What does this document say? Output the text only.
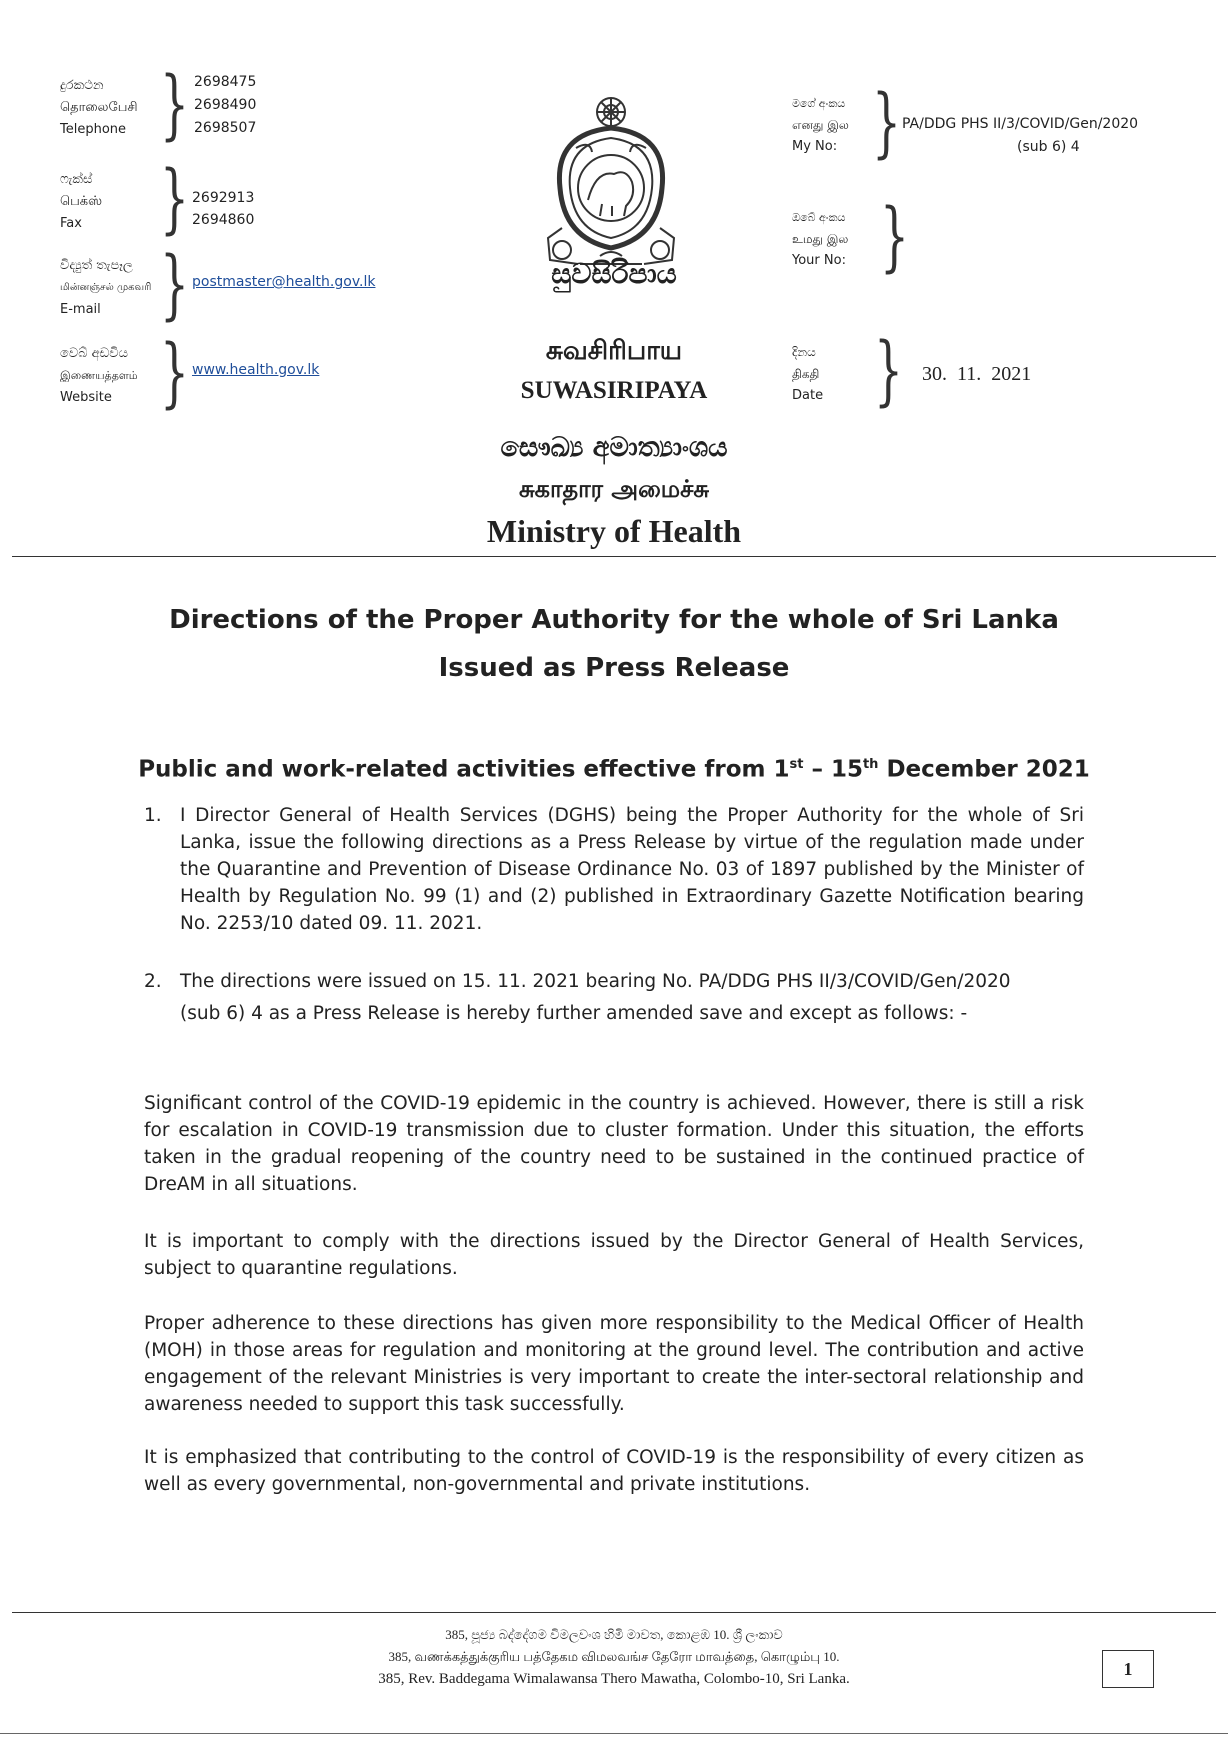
දුරකථන
தொலைபேசி
Telephone } 2698475
2698490
2698507
ෆැක්ස්
பெக்ஸ்
Fax } 2692913
2694860
විද්‍යුත් තැපෑල
மின்னஞ்சல் முகவரி
E-mail } postmaster@health.gov.lk
වෙබ් අඩවිය
இணையத்தளம்
Website } www.health.gov.lk
සුවසිරිපාය
சுவசிரிபாய
SUWASIRIPAYA
සෞඛ්‍ය අමාත්‍යාංශය
சுகாதார அமைச்சு
Ministry of Health
මගේ අංකය
எனது இல
My No: } PA/DDG PHS II/3/COVID/Gen/2020
(sub 6) 4
ඔබේ අංකය
உமது இல
Your No: }
දිනය
திகதி
Date } 30.  11.  2021
Directions of the Proper Authority for the whole of Sri Lanka
Issued as Press Release
Public and work-related activities effective from 1st – 15th December 2021
1. I Director General of Health Services (DGHS) being the Proper Authority for the whole of Sri Lanka, issue the following directions as a Press Release by virtue of the regulation made under the Quarantine and Prevention of Disease Ordinance No. 03 of 1897 published by the Minister of Health by Regulation No. 99 (1) and (2) published in Extraordinary Gazette Notification bearing No. 2253/10 dated 09. 11. 2021.
2. The directions were issued on 15. 11. 2021 bearing No. PA/DDG PHS II/3/COVID/Gen/2020
(sub 6) 4 as a Press Release is hereby further amended save and except as follows: -
Significant control of the COVID-19 epidemic in the country is achieved. However, there is still a risk for escalation in COVID-19 transmission due to cluster formation. Under this situation, the efforts taken in the gradual reopening of the country need to be sustained in the continued practice of DreAM in all situations.
It is important to comply with the directions issued by the Director General of Health Services, subject to quarantine regulations.
Proper adherence to these directions has given more responsibility to the Medical Officer of Health (MOH) in those areas for regulation and monitoring at the ground level. The contribution and active engagement of the relevant Ministries is very important to create the inter-sectoral relationship and awareness needed to support this task successfully.
It is emphasized that contributing to the control of COVID-19 is the responsibility of every citizen as well as every governmental, non-governmental and private institutions.
385, පූජ්‍ය බද්දේගම විමලවංශ හිමි මාවත, කොළඹ 10. ශ්‍රී ලංකාව
385, வணக்கத்துக்குரிய பத்தேகம விமலவங்ச தேரோ மாவத்தை, கொழும்பு 10.
385, Rev. Baddegama Wimalawansa Thero Mawatha, Colombo-10, Sri Lanka.	1
